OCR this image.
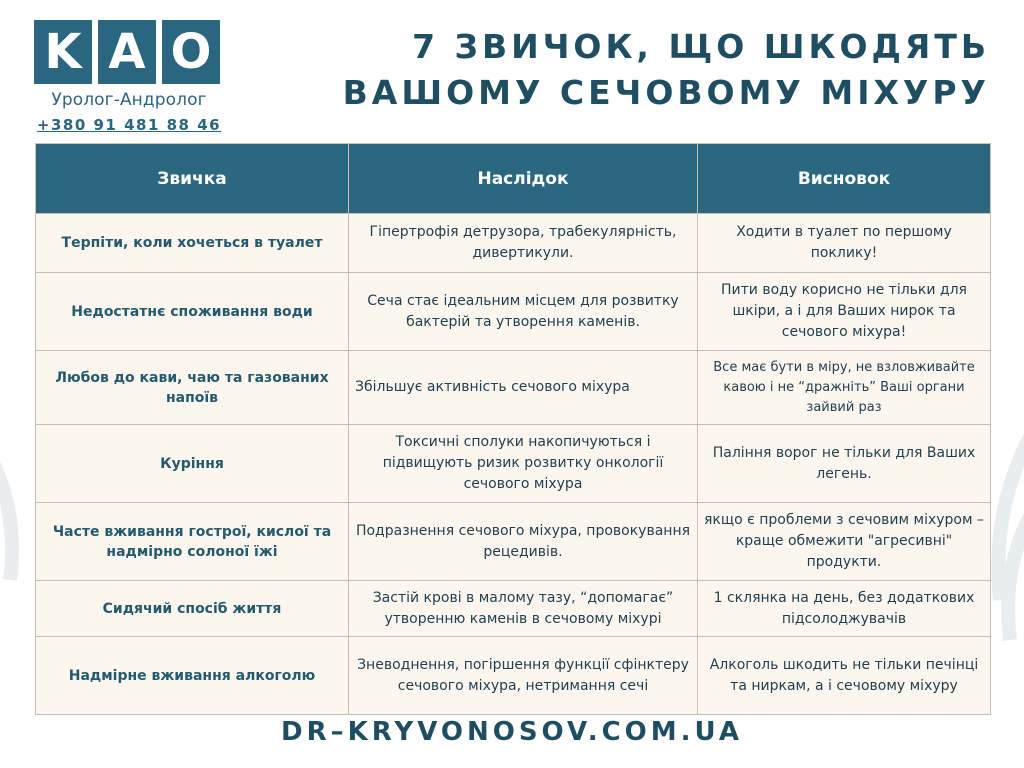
K A O
Уролог-Андролог
+380 91 481 88 46
7 ЗВИЧОК, ЩО ШКОДЯТЬ
ВАШОМУ СЕЧОВОМУ МІХУРУ
Звичка	Наслідок	Висновок
Терпіти, коли хочеться в туалет	Гіпертрофія детрузора, трабекулярність, дивертикули.	Ходити в туалет по першому поклику!
Недостатнє споживання води	Сеча стає ідеальним місцем для розвитку бактерій та утворення каменів.	Пити воду корисно не тільки для шкіри, а і для Ваших нирок та сечового міхура!
Любов до кави, чаю та газованих напоїв	Збільшує активність сечового міхура	Все має бути в міру, не взловживайте кавою і не “дражніть” Ваші органи зайвий раз
Куріння	Токсичні сполуки накопичуються і підвищують ризик розвитку онкології сечового міхура	Паління ворог не тільки для Ваших легень.
Часте вживання гострої, кислої та надмірно солоної їжі	Подразнення сечового міхура, провокування рецедивів.	якщо є проблеми з сечовим міхуром – краще обмежити "агресивні" продукти.
Сидячий спосіб життя	Застій крові в малому тазу, “допомагає” утворенню каменів в сечовому міхурі	1 склянка на день, без додаткових підсолоджувачів
Надмірне вживання алкоголю	Зневоднення, погіршення функції сфінктеру сечового міхура, нетримання сечі	Алкоголь шкодить не тільки печінці та ниркам, а і сечовому міхуру
DR–KRYVONOSOV.COM.UA
